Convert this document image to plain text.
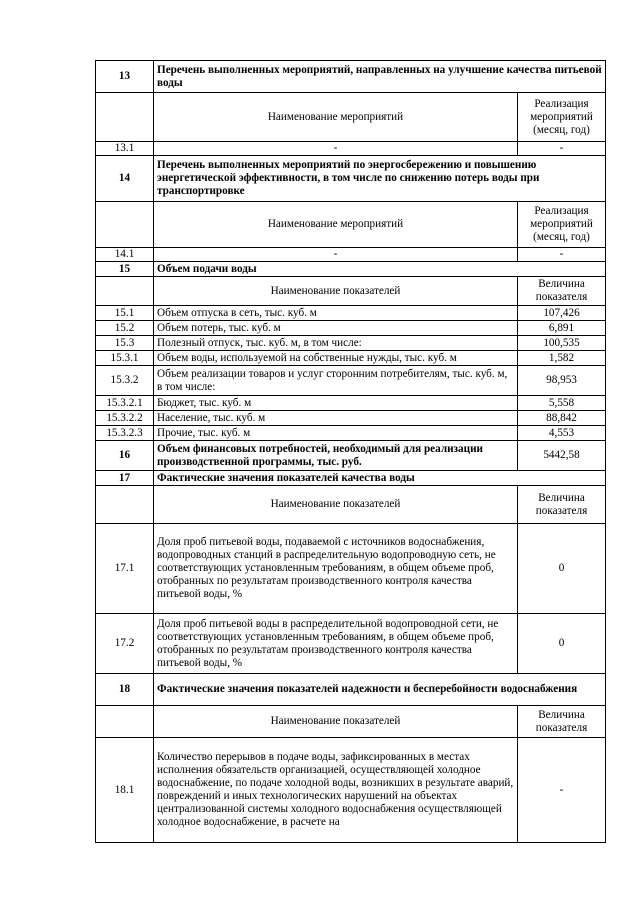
13	Перечень выполненных мероприятий, направленных на улучшение качества питьевой воды	
	Наименование мероприятий	Реализация мероприятий (месяц, год)
13.1	-	-
14	Перечень выполненных мероприятий по энергосбережению и повышению энергетической эффективности, в том числе по снижению потерь воды при транспортировке	
	Наименование мероприятий	Реализация мероприятий (месяц, год)
14.1	-	-
15	Объем подачи воды	
	Наименование показателей	Величина показателя
15.1	Объем отпуска в сеть, тыс. куб. м	107,426
15.2	Объем потерь, тыс. куб. м	6,891
15.3	Полезный отпуск, тыс. куб. м, в том числе:	100,535
15.3.1	Объем воды, используемой на собственные нужды, тыс. куб. м	1,582
15.3.2	Объем реализации товаров и услуг сторонним потребителям, тыс. куб. м, в том числе:	98,953
15.3.2.1	Бюджет, тыс. куб. м	5,558
15.3.2.2	Население, тыс. куб. м	88,842
15.3.2.3	Прочие, тыс. куб. м	4,553
16	Объем финансовых потребностей, необходимый для реализации производственной программы, тыс. руб.	5442,58
17	Фактические значения показателей качества воды	
	Наименование показателей	Величина показателя
17.1	Доля проб питьевой воды, подаваемой с источников водоснабжения, водопроводных станций в распределительную водопроводную сеть, не соответствующих установленным требованиям, в общем объеме проб, отобранных по результатам производственного контроля качества питьевой воды, %	0
17.2	Доля проб питьевой воды в распределительной водопроводной сети, не соответствующих установленным требованиям, в общем объеме проб, отобранных по результатам производственного контроля качества питьевой воды, %	0
18	Фактические значения показателей надежности и бесперебойности водоснабжения	
	Наименование показателей	Величина показателя
18.1	Количество перерывов в подаче воды, зафиксированных в местах исполнения обязательств организацией, осуществляющей холодное водоснабжение, по подаче холодной воды, возникших в результате аварий, повреждений и иных технологических нарушений на объектах централизованной системы холодного водоснабжения осуществляющей холодное водоснабжение, в расчете на	-
